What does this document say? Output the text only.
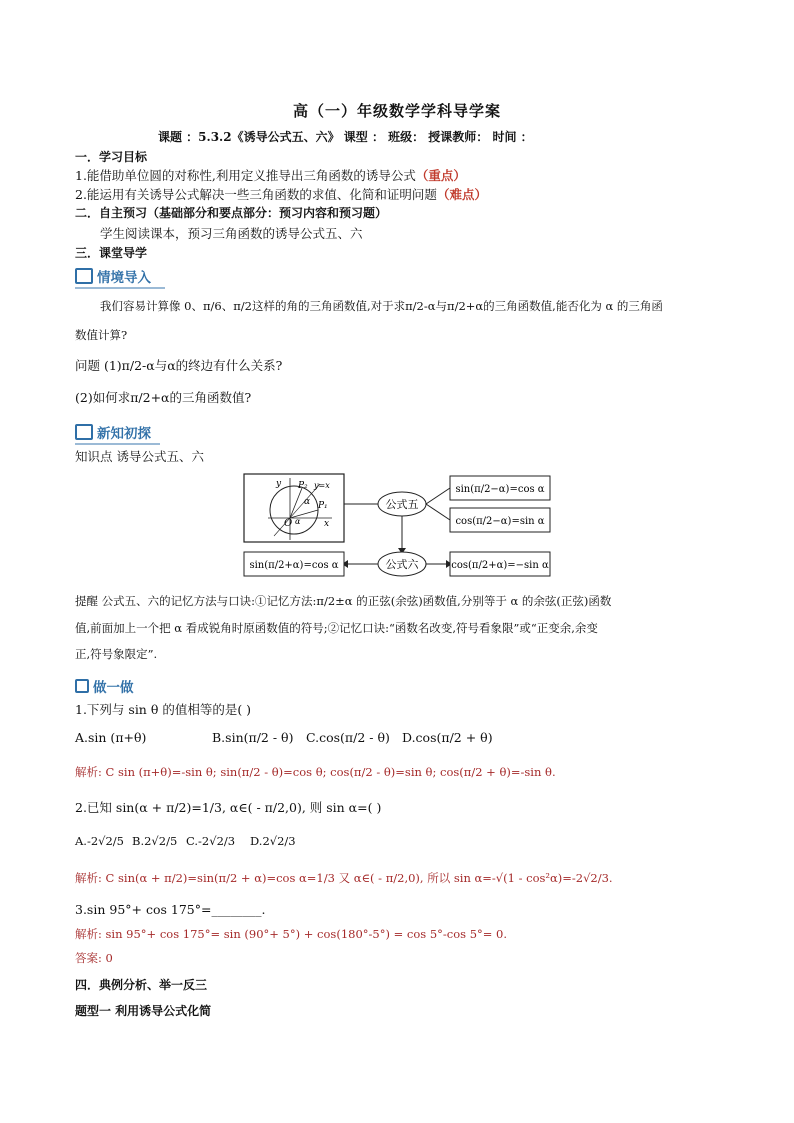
高（一）年级数学学科导学案
课题 ：5.3.2《诱导公式五、六》 课型 ： 班级： 授课教师： 时间 ：
一．学习目标
1.能借助单位圆的对称性,利用定义推导出三角函数的诱导公式（重点）
2.能运用有关诱导公式解决一些三角函数的求值、化简和证明问题（难点）
二．自主预习（基础部分和要点部分：预习内容和预习题）
学生阅读课本，预习三角函数的诱导公式五、六
三．课堂导学
情境导入
我们容易计算像 0、π/6、π/2这样的角的三角函数值,对于求π/2-α与π/2+α的三角函数值,能否化为 α 的三角函
数值计算?
问题 (1)π/2-α与α的终边有什么关系?
(2)如何求π/2+α的三角函数值?
新知初探
知识点 诱导公式五、六
y P₂ y=x
α P₁
O α	x
公式五
公式六
sin(π/2−α)=cos α
cos(π/2−α)=sin α
sin(π/2+α)=cos α	cos(π/2+α)=−sin α
提醒 公式五、六的记忆方法与口诀:①记忆方法:π/2±α 的正弦(余弦)函数值,分别等于 α 的余弦(正弦)函数
值,前面加上一个把 α 看成锐角时原函数值的符号;②记忆口诀:“函数名改变,符号看象限”或“正变余,余变
正,符号象限定”.
做一做
1.下列与 sin θ 的值相等的是( )
A.sin (π+θ)	B.sin(π/2 - θ) C.cos(π/2 - θ) D.cos(π/2 + θ)
解析: C sin (π+θ)=-sin θ; sin(π/2 - θ)=cos θ; cos(π/2 - θ)=sin θ; cos(π/2 + θ)=-sin θ.
2.已知 sin(α + π/2)=1/3, α∈( - π/2,0), 则 sin α=( )
A.-2√2/5 B.2√2/5 C.-2√2/3 D.2√2/3
解析: C sin(α + π/2)=sin(π/2 + α)=cos α=1/3 又 α∈( - π/2,0), 所以 sin α=-√(1 - cos²α)=-2√2/3.
3.sin 95°+ cos 175°=________.
解析: sin 95°+ cos 175°= sin (90°+ 5°) + cos(180°-5°) = cos 5°-cos 5°= 0.
答案: 0
四．典例分析、举一反三
题型一 利用诱导公式化简
